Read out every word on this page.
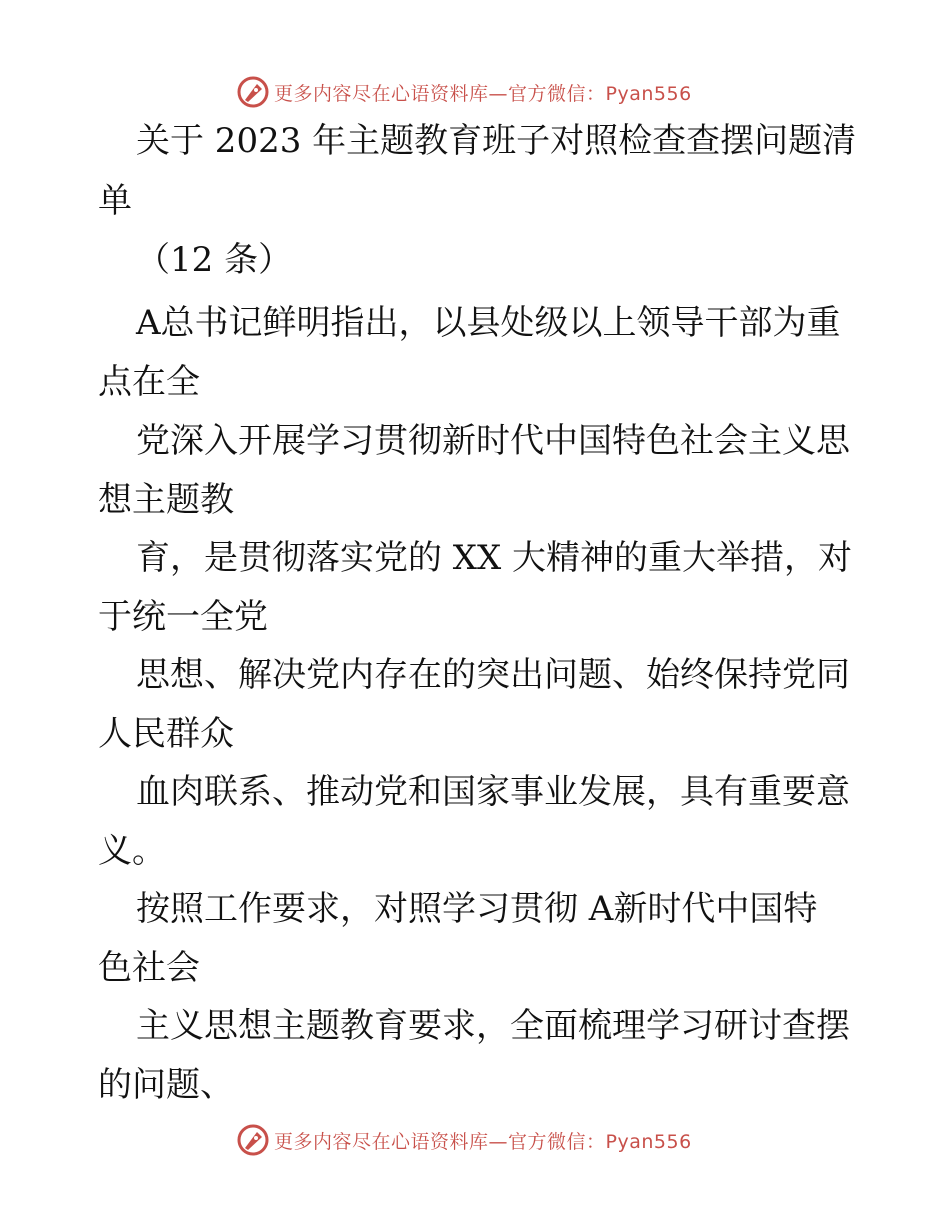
更多内容尽在心语资料库—官方微信：Pyan556
关于 2023 年主题教育班子对照检查查摆问题清
单
（12 条）
A总书记鲜明指出，以县处级以上领导干部为重
点在全
党深入开展学习贯彻新时代中国特色社会主义思
想主题教
育，是贯彻落实党的 XX 大精神的重大举措，对
于统一全党
思想、解决党内存在的突出问题、始终保持党同
人民群众
血肉联系、推动党和国家事业发展，具有重要意
义。
按照工作要求，对照学习贯彻 A新时代中国特
色社会
主义思想主题教育要求，全面梳理学习研讨查摆
的问题、
更多内容尽在心语资料库—官方微信：Pyan556
